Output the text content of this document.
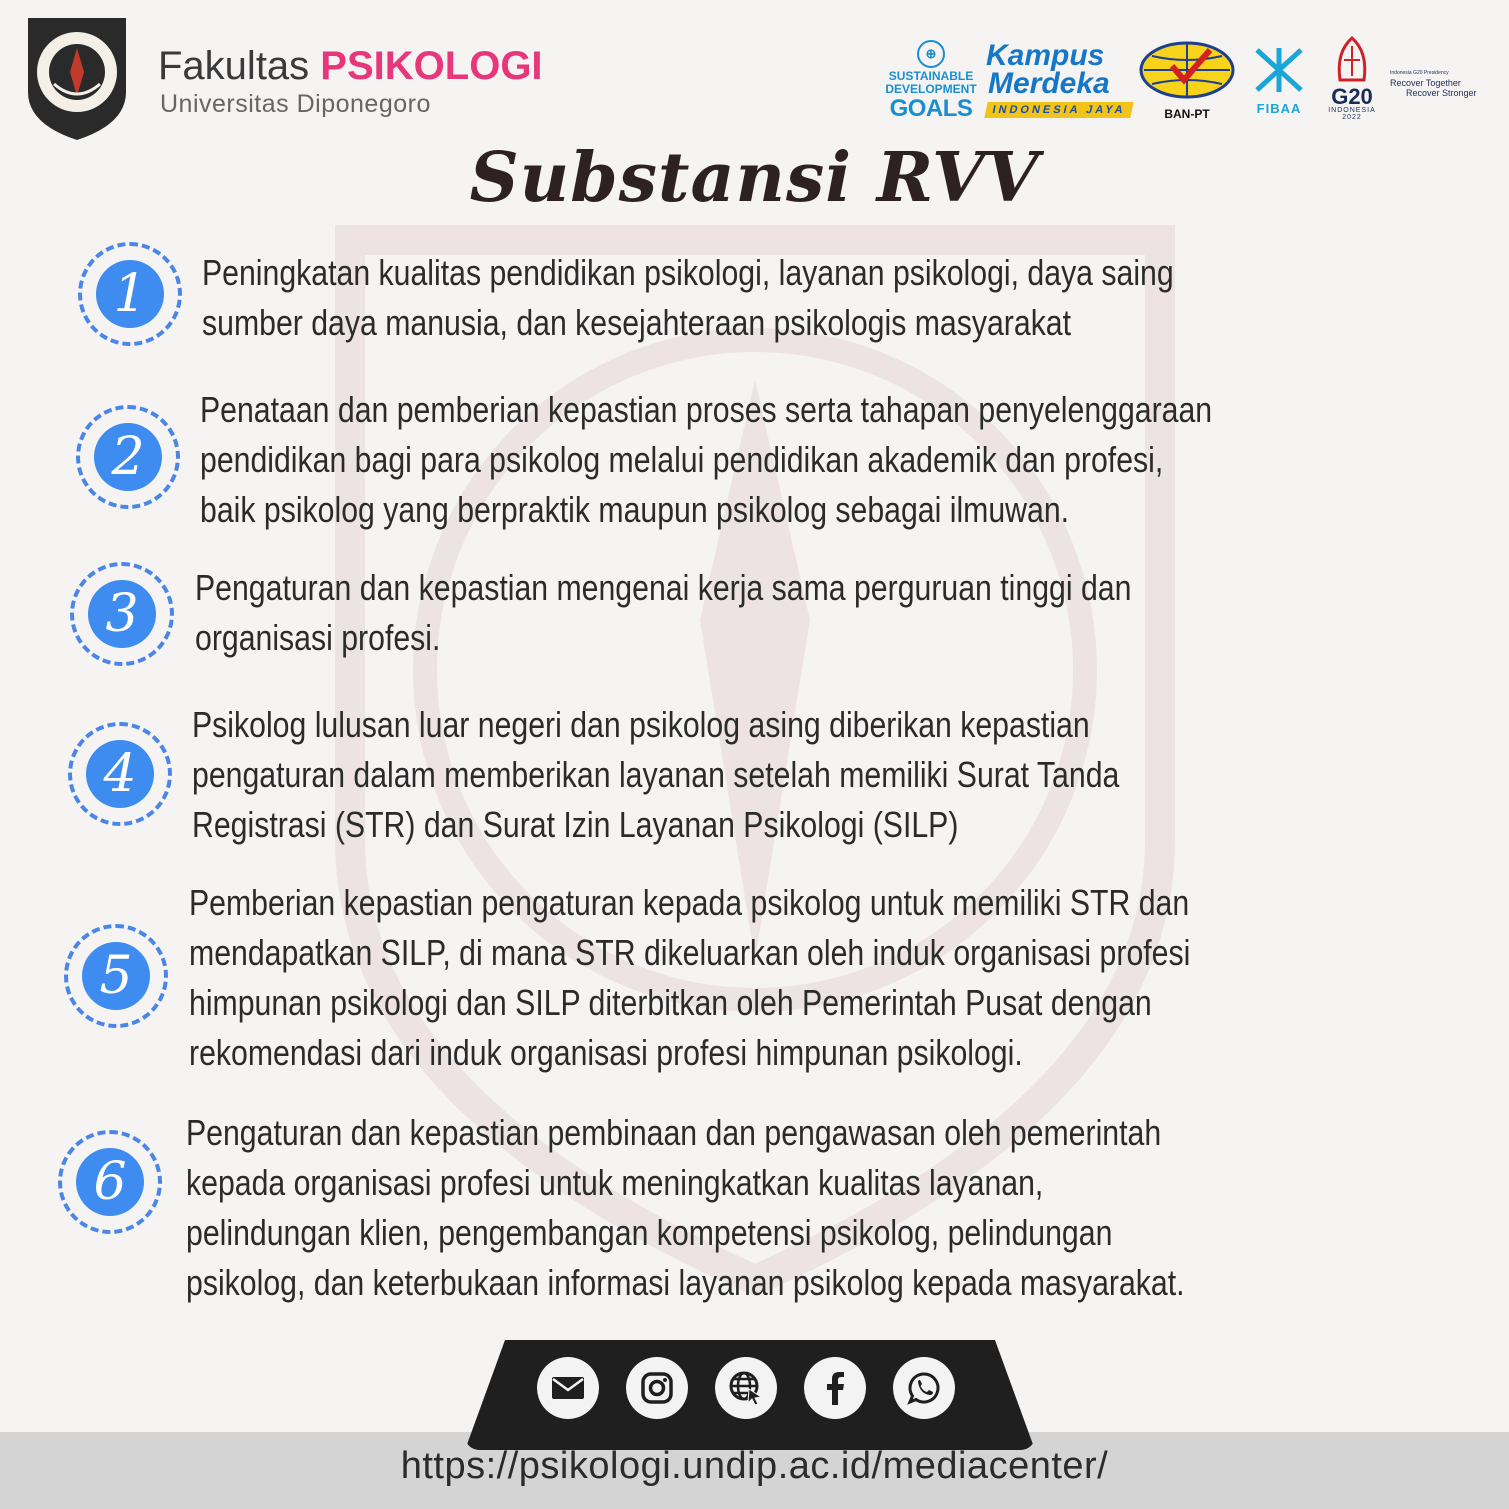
Fakultas PSIKOLOGI
Universitas Diponegoro
⊕
SUSTAINABLE
DEVELOPMENT
GOALS
Kampus
Merdeka
INDONESIA JAYA	BAN-PT	FIBAA	G20
INDONESIA
2022
Indonesia G20 Presidency
Recover Together
Recover Stronger
Substansi RVV
1	Peningkatan kualitas pendidikan psikologi, layanan psikologi, daya saing
sumber daya manusia, dan kesejahteraan psikologis masyarakat
2
Penataan dan pemberian kepastian proses serta tahapan penyelenggaraan
pendidikan bagi para psikolog melalui pendidikan akademik dan profesi,
baik psikolog yang berpraktik maupun psikolog sebagai ilmuwan.
3	Pengaturan dan kepastian mengenai kerja sama perguruan tinggi dan
organisasi profesi.
4
Psikolog lulusan luar negeri dan psikolog asing diberikan kepastian
pengaturan dalam memberikan layanan setelah memiliki Surat Tanda
Registrasi (STR) dan Surat Izin Layanan Psikologi (SILP)
5
Pemberian kepastian pengaturan kepada psikolog untuk memiliki STR dan
mendapatkan SILP, di mana STR dikeluarkan oleh induk organisasi profesi
himpunan psikologi dan SILP diterbitkan oleh Pemerintah Pusat dengan
rekomendasi dari induk organisasi profesi himpunan psikologi.
6
Pengaturan dan kepastian pembinaan dan pengawasan oleh pemerintah
kepada organisasi profesi untuk meningkatkan kualitas layanan,
pelindungan klien, pengembangan kompetensi psikolog, pelindungan
psikolog, dan keterbukaan informasi layanan psikolog kepada masyarakat.
https://psikologi.undip.ac.id/mediacenter/
